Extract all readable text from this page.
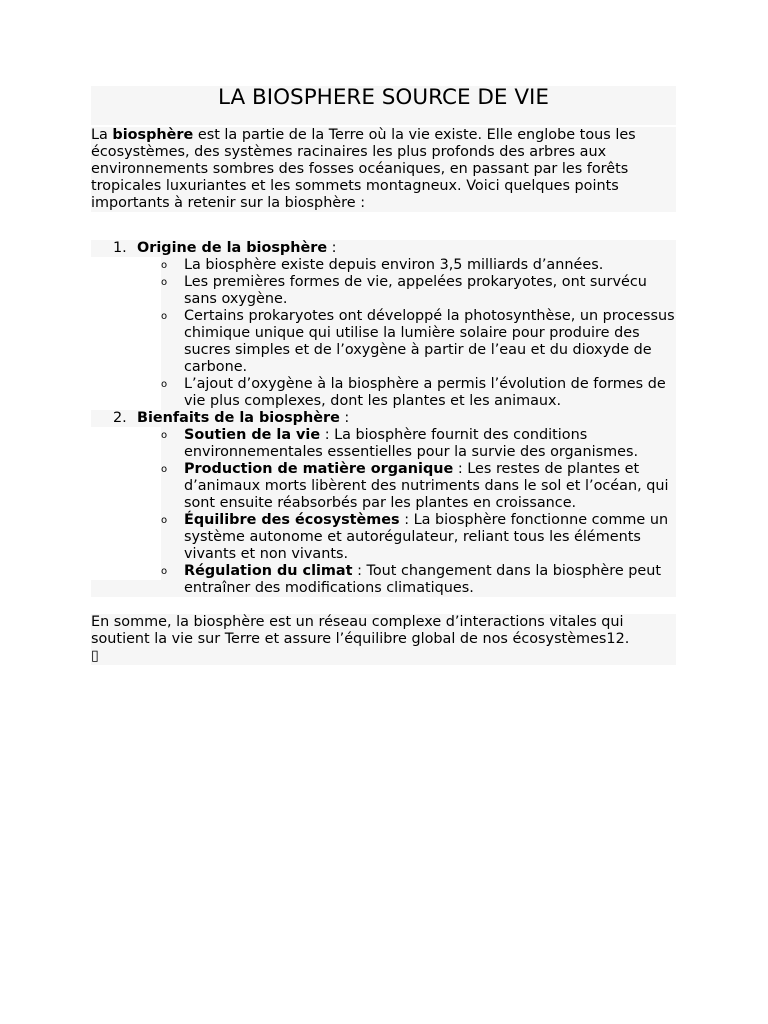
LA BIOSPHERE SOURCE DE VIE

La biosphère est la partie de la Terre où la vie existe. Elle englobe tous les écosystèmes, des systèmes racinaires les plus profonds des arbres aux environnements sombres des fosses océaniques, en passant par les forêts tropicales luxuriantes et les sommets montagneux. Voici quelques points importants à retenir sur la biosphère :

1. Origine de la biosphère :
o La biosphère existe depuis environ 3,5 milliards d’années.
o Les premières formes de vie, appelées prokaryotes, ont survécu sans oxygène.
o Certains prokaryotes ont développé la photosynthèse, un processus chimique unique qui utilise la lumière solaire pour produire des sucres simples et de l’oxygène à partir de l’eau et du dioxyde de carbone.
o L’ajout d’oxygène à la biosphère a permis l’évolution de formes de vie plus complexes, dont les plantes et les animaux.
2. Bienfaits de la biosphère :
o Soutien de la vie : La biosphère fournit des conditions environnementales essentielles pour la survie des organismes.
o Production de matière organique : Les restes de plantes et d’animaux morts libèrent des nutriments dans le sol et l’océan, qui sont ensuite réabsorbés par les plantes en croissance.
o Équilibre des écosystèmes : La biosphère fonctionne comme un système autonome et autorégulateur, reliant tous les éléments vivants et non vivants.
o Régulation du climat : Tout changement dans la biosphère peut entraîner des modifications climatiques.

En somme, la biosphère est un réseau complexe d’interactions vitales qui soutient la vie sur Terre et assure l’équilibre global de nos écosystèmes12.
▯
